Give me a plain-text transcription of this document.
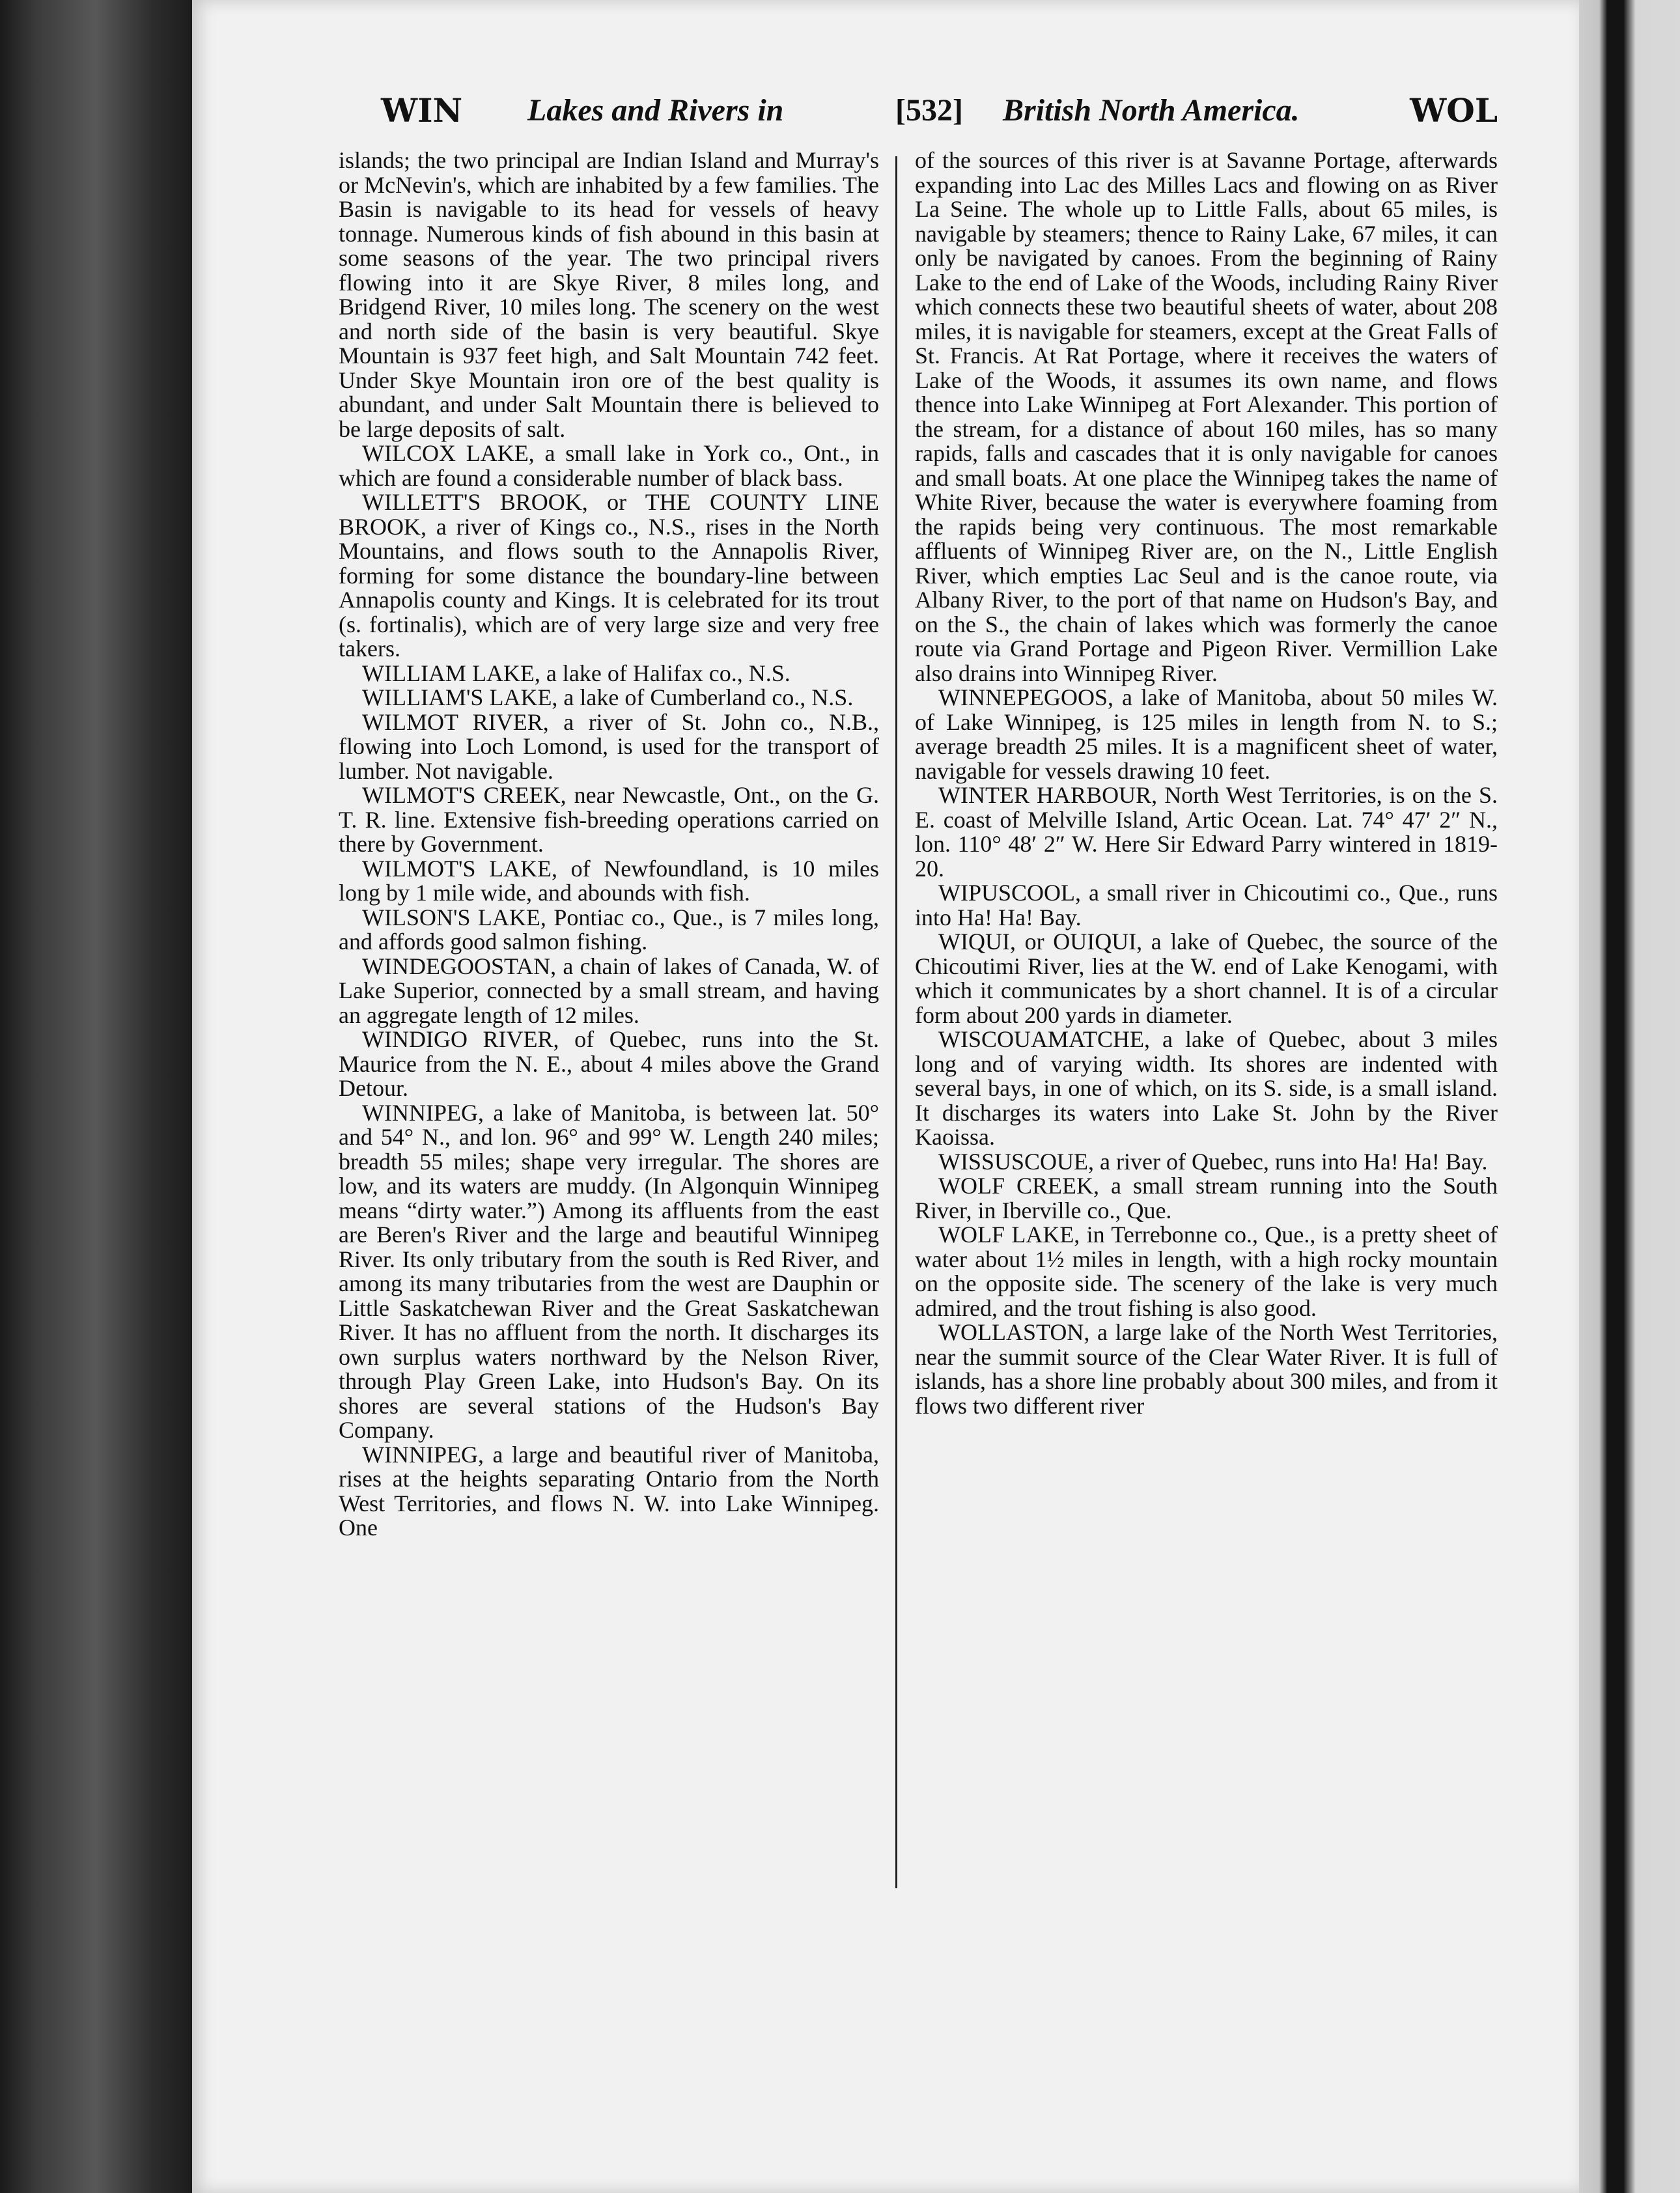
WIN Lakes and Rivers in	[532] British North America.	WOL

islands; the two principal are Indian Island and Murray's or McNevin's, which are inhabited by a few families. The Basin is navigable to its head for vessels of heavy tonnage. Numerous kinds of fish abound in this basin at some seasons of the year. The two principal rivers flowing into it are Skye River, 8 miles long, and Bridgend River, 10 miles long. The scenery on the west and north side of the basin is very beautiful. Skye Mountain is 937 feet high, and Salt Mountain 742 feet. Under Skye Mountain iron ore of the best quality is abundant, and under Salt Mountain there is believed to be large deposits of salt.

WILCOX LAKE, a small lake in York co., Ont., in which are found a considerable number of black bass.

WILLETT'S BROOK, or THE COUNTY LINE BROOK, a river of Kings co., N.S., rises in the North Mountains, and flows south to the Annapolis River, forming for some distance the boundary-line between Annapolis county and Kings. It is celebrated for its trout (s. fortinalis), which are of very large size and very free takers.

WILLIAM LAKE, a lake of Halifax co., N.S.

WILLIAM'S LAKE, a lake of Cumberland co., N.S.

WILMOT RIVER, a river of St. John co., N.B., flowing into Loch Lomond, is used for the transport of lumber. Not navigable.

WILMOT'S CREEK, near Newcastle, Ont., on the G. T. R. line. Extensive fish-breeding operations carried on there by Government.

WILMOT'S LAKE, of Newfoundland, is 10 miles long by 1 mile wide, and abounds with fish.

WILSON'S LAKE, Pontiac co., Que., is 7 miles long, and affords good salmon fishing.

WINDEGOOSTAN, a chain of lakes of Canada, W. of Lake Superior, connected by a small stream, and having an aggregate length of 12 miles.

WINDIGO RIVER, of Quebec, runs into the St. Maurice from the N. E., about 4 miles above the Grand Detour.

WINNIPEG, a lake of Manitoba, is between lat. 50° and 54° N., and lon. 96° and 99° W. Length 240 miles; breadth 55 miles; shape very irregular. The shores are low, and its waters are muddy. (In Algonquin Winnipeg means “dirty water.”) Among its affluents from the east are Beren's River and the large and beautiful Winnipeg River. Its only tributary from the south is Red River, and among its many tributaries from the west are Dauphin or Little Saskatchewan River and the Great Saskatchewan River. It has no affluent from the north. It discharges its own surplus waters northward by the Nelson River, through Play Green Lake, into Hudson's Bay. On its shores are several stations of the Hudson's Bay Company.

WINNIPEG, a large and beautiful river of Manitoba, rises at the heights separating Ontario from the North West Territories, and flows N. W. into Lake Winnipeg. One

of the sources of this river is at Savanne Portage, afterwards expanding into Lac des Milles Lacs and flowing on as River La Seine. The whole up to Little Falls, about 65 miles, is navigable by steamers; thence to Rainy Lake, 67 miles, it can only be navigated by canoes. From the beginning of Rainy Lake to the end of Lake of the Woods, including Rainy River which connects these two beautiful sheets of water, about 208 miles, it is navigable for steamers, except at the Great Falls of St. Francis. At Rat Portage, where it receives the waters of Lake of the Woods, it assumes its own name, and flows thence into Lake Winnipeg at Fort Alexander. This portion of the stream, for a distance of about 160 miles, has so many rapids, falls and cascades that it is only navigable for canoes and small boats. At one place the Winnipeg takes the name of White River, because the water is everywhere foaming from the rapids being very continuous. The most remarkable affluents of Winnipeg River are, on the N., Little English River, which empties Lac Seul and is the canoe route, via Albany River, to the port of that name on Hudson's Bay, and on the S., the chain of lakes which was formerly the canoe route via Grand Portage and Pigeon River. Vermillion Lake also drains into Winnipeg River.

WINNEPEGOOS, a lake of Manitoba, about 50 miles W. of Lake Winnipeg, is 125 miles in length from N. to S.; average breadth 25 miles. It is a magnificent sheet of water, navigable for vessels drawing 10 feet.

WINTER HARBOUR, North West Territories, is on the S. E. coast of Melville Island, Artic Ocean. Lat. 74° 47′ 2″ N., lon. 110° 48′ 2″ W. Here Sir Edward Parry wintered in 1819-20.

WIPUSCOOL, a small river in Chicoutimi co., Que., runs into Ha! Ha! Bay.

WIQUI, or OUIQUI, a lake of Quebec, the source of the Chicoutimi River, lies at the W. end of Lake Kenogami, with which it communicates by a short channel. It is of a circular form about 200 yards in diameter.

WISCOUAMATCHE, a lake of Quebec, about 3 miles long and of varying width. Its shores are indented with several bays, in one of which, on its S. side, is a small island. It discharges its waters into Lake St. John by the River Kaoissa.

WISSUSCOUE, a river of Quebec, runs into Ha! Ha! Bay.

WOLF CREEK, a small stream running into the South River, in Iberville co., Que.

WOLF LAKE, in Terrebonne co., Que., is a pretty sheet of water about 1½ miles in length, with a high rocky mountain on the opposite side. The scenery of the lake is very much admired, and the trout fishing is also good.

WOLLASTON, a large lake of the North West Territories, near the summit source of the Clear Water River. It is full of islands, has a shore line probably about 300 miles, and from it flows two different river
